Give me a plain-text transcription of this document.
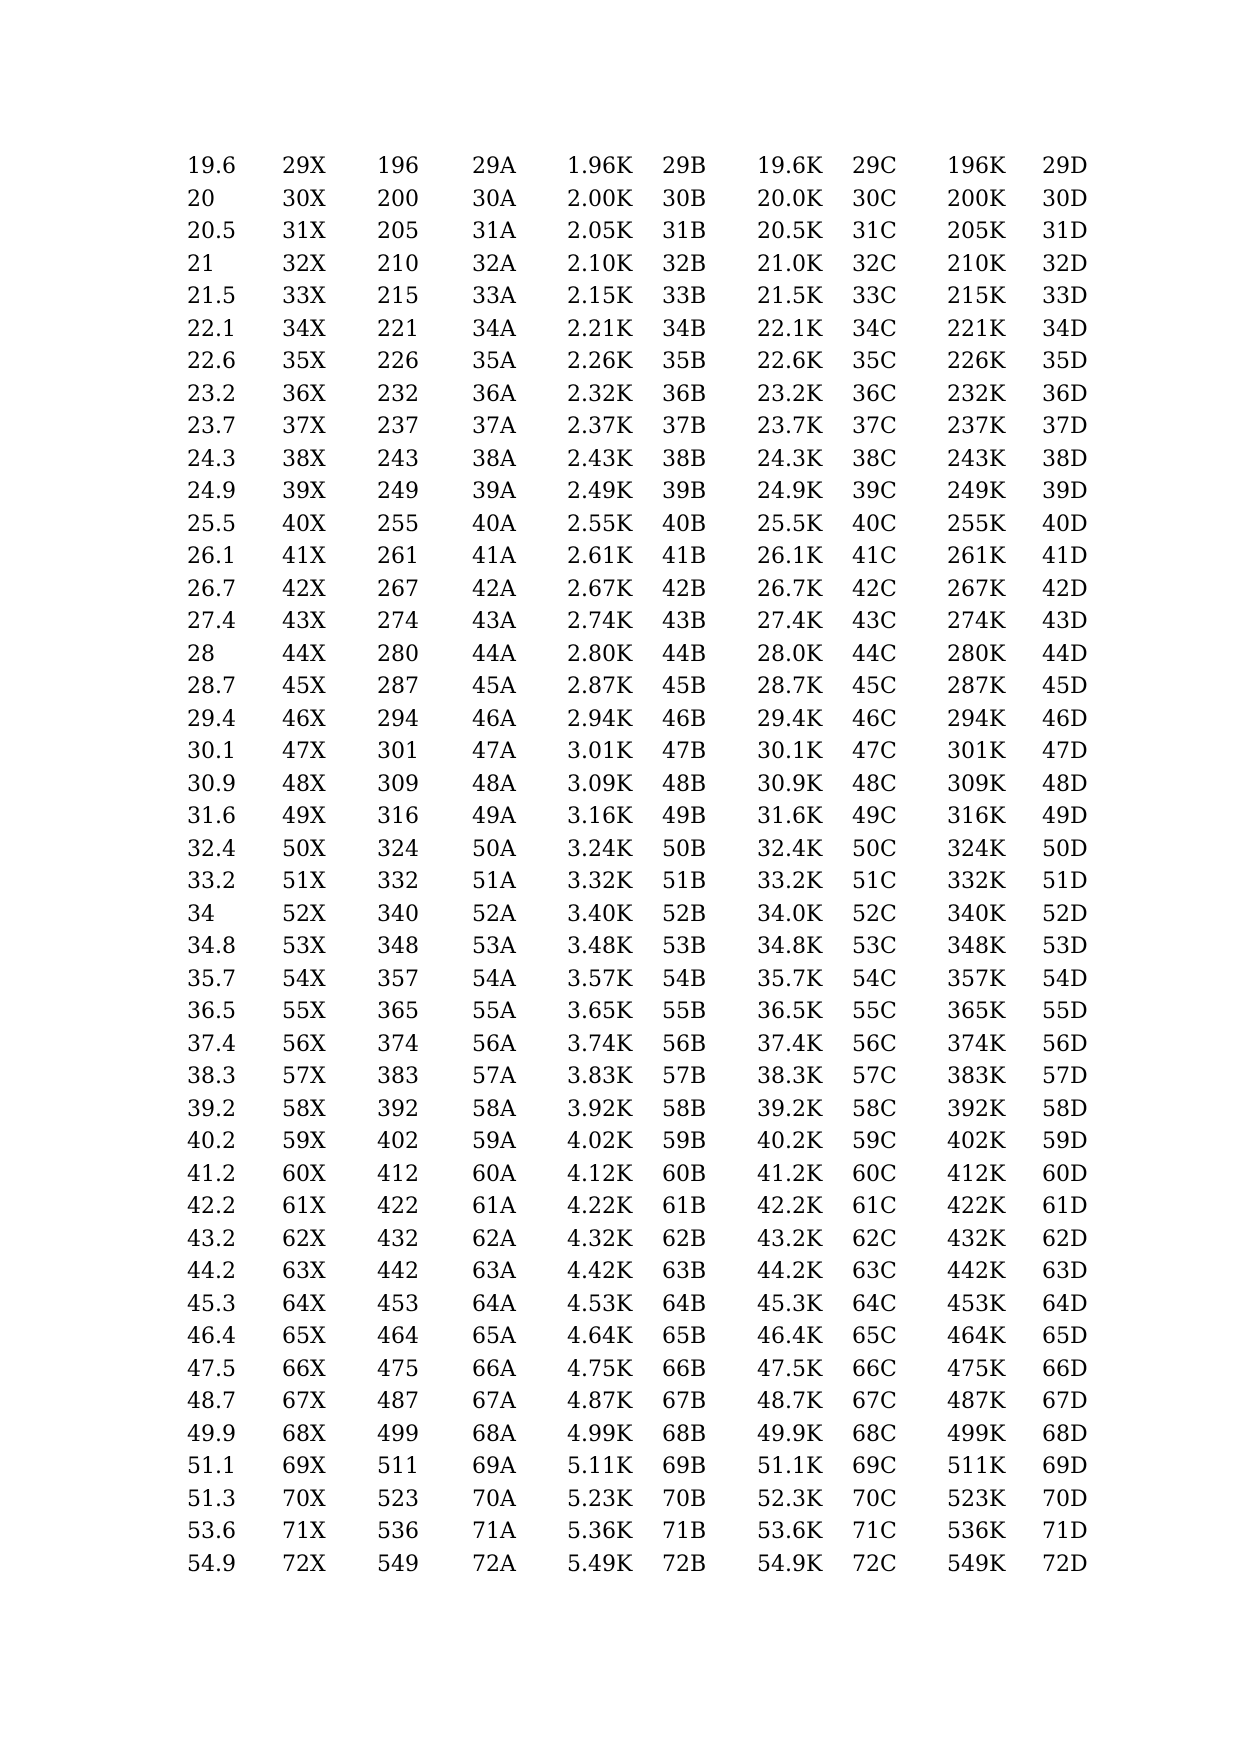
19.6	29X	196	29A	1.96K	29B	19.6K	29C	196K	29D
20	30X	200	30A	2.00K	30B	20.0K	30C	200K	30D
20.5	31X	205	31A	2.05K	31B	20.5K	31C	205K	31D
21	32X	210	32A	2.10K	32B	21.0K	32C	210K	32D
21.5	33X	215	33A	2.15K	33B	21.5K	33C	215K	33D
22.1	34X	221	34A	2.21K	34B	22.1K	34C	221K	34D
22.6	35X	226	35A	2.26K	35B	22.6K	35C	226K	35D
23.2	36X	232	36A	2.32K	36B	23.2K	36C	232K	36D
23.7	37X	237	37A	2.37K	37B	23.7K	37C	237K	37D
24.3	38X	243	38A	2.43K	38B	24.3K	38C	243K	38D
24.9	39X	249	39A	2.49K	39B	24.9K	39C	249K	39D
25.5	40X	255	40A	2.55K	40B	25.5K	40C	255K	40D
26.1	41X	261	41A	2.61K	41B	26.1K	41C	261K	41D
26.7	42X	267	42A	2.67K	42B	26.7K	42C	267K	42D
27.4	43X	274	43A	2.74K	43B	27.4K	43C	274K	43D
28	44X	280	44A	2.80K	44B	28.0K	44C	280K	44D
28.7	45X	287	45A	2.87K	45B	28.7K	45C	287K	45D
29.4	46X	294	46A	2.94K	46B	29.4K	46C	294K	46D
30.1	47X	301	47A	3.01K	47B	30.1K	47C	301K	47D
30.9	48X	309	48A	3.09K	48B	30.9K	48C	309K	48D
31.6	49X	316	49A	3.16K	49B	31.6K	49C	316K	49D
32.4	50X	324	50A	3.24K	50B	32.4K	50C	324K	50D
33.2	51X	332	51A	3.32K	51B	33.2K	51C	332K	51D
34	52X	340	52A	3.40K	52B	34.0K	52C	340K	52D
34.8	53X	348	53A	3.48K	53B	34.8K	53C	348K	53D
35.7	54X	357	54A	3.57K	54B	35.7K	54C	357K	54D
36.5	55X	365	55A	3.65K	55B	36.5K	55C	365K	55D
37.4	56X	374	56A	3.74K	56B	37.4K	56C	374K	56D
38.3	57X	383	57A	3.83K	57B	38.3K	57C	383K	57D
39.2	58X	392	58A	3.92K	58B	39.2K	58C	392K	58D
40.2	59X	402	59A	4.02K	59B	40.2K	59C	402K	59D
41.2	60X	412	60A	4.12K	60B	41.2K	60C	412K	60D
42.2	61X	422	61A	4.22K	61B	42.2K	61C	422K	61D
43.2	62X	432	62A	4.32K	62B	43.2K	62C	432K	62D
44.2	63X	442	63A	4.42K	63B	44.2K	63C	442K	63D
45.3	64X	453	64A	4.53K	64B	45.3K	64C	453K	64D
46.4	65X	464	65A	4.64K	65B	46.4K	65C	464K	65D
47.5	66X	475	66A	4.75K	66B	47.5K	66C	475K	66D
48.7	67X	487	67A	4.87K	67B	48.7K	67C	487K	67D
49.9	68X	499	68A	4.99K	68B	49.9K	68C	499K	68D
51.1	69X	511	69A	5.11K	69B	51.1K	69C	511K	69D
51.3	70X	523	70A	5.23K	70B	52.3K	70C	523K	70D
53.6	71X	536	71A	5.36K	71B	53.6K	71C	536K	71D
54.9	72X	549	72A	5.49K	72B	54.9K	72C	549K	72D
